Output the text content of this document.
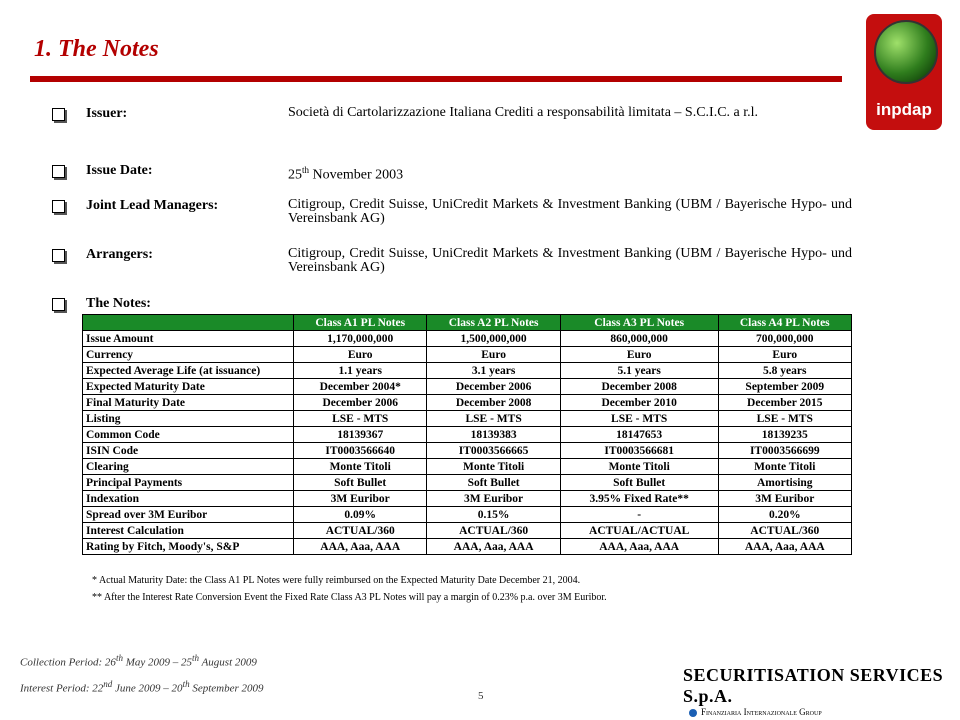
1. The Notes
inpdap
Issuer:	Società di Cartolarizzazione Italiana Crediti a responsabilità limitata – S.C.I.C. a r.l.
Issue Date:	25th November 2003
Joint Lead Managers:	Citigroup, Credit Suisse, UniCredit Markets & Investment Banking (UBM / Bayerische Hypo- und Vereinsbank AG)
Arrangers:	Citigroup, Credit Suisse, UniCredit Markets & Investment Banking (UBM / Bayerische Hypo- und Vereinsbank AG)
The Notes:
	Class A1 PL Notes	Class A2 PL Notes	Class A3 PL Notes	Class A4 PL Notes
Issue Amount	1,170,000,000	1,500,000,000	860,000,000	700,000,000
Currency	Euro	Euro	Euro	Euro
Expected Average Life (at issuance)	1.1 years	3.1 years	5.1 years	5.8 years
Expected Maturity Date	December 2004*	December 2006	December 2008	September 2009
Final Maturity Date	December 2006	December 2008	December 2010	December 2015
Listing	LSE - MTS	LSE - MTS	LSE - MTS	LSE - MTS
Common Code	18139367	18139383	18147653	18139235
ISIN Code	IT0003566640	IT0003566665	IT0003566681	IT0003566699
Clearing	Monte Titoli	Monte Titoli	Monte Titoli	Monte Titoli
Principal Payments	Soft Bullet	Soft Bullet	Soft Bullet	Amortising
Indexation	3M Euribor	3M Euribor	3.95% Fixed Rate**	3M Euribor
Spread over 3M Euribor	0.09%	0.15%	-	0.20%
Interest Calculation	ACTUAL/360	ACTUAL/360	ACTUAL/ACTUAL	ACTUAL/360
Rating by Fitch, Moody's, S&P	AAA, Aaa, AAA	AAA, Aaa, AAA	AAA, Aaa, AAA	AAA, Aaa, AAA
* Actual Maturity Date: the Class A1 PL Notes were fully reimbursed on the Expected Maturity Date December 21, 2004.
** After the Interest Rate Conversion Event the Fixed Rate Class A3 PL Notes will pay a margin of 0.23% p.a. over 3M Euribor.
Collection Period: 26th May 2009 – 25th August 2009
Interest Period: 22nd June 2009 – 20th September 2009
5
SECURITISATION SERVICES S.p.A.
Finanziaria Internazionale Group
